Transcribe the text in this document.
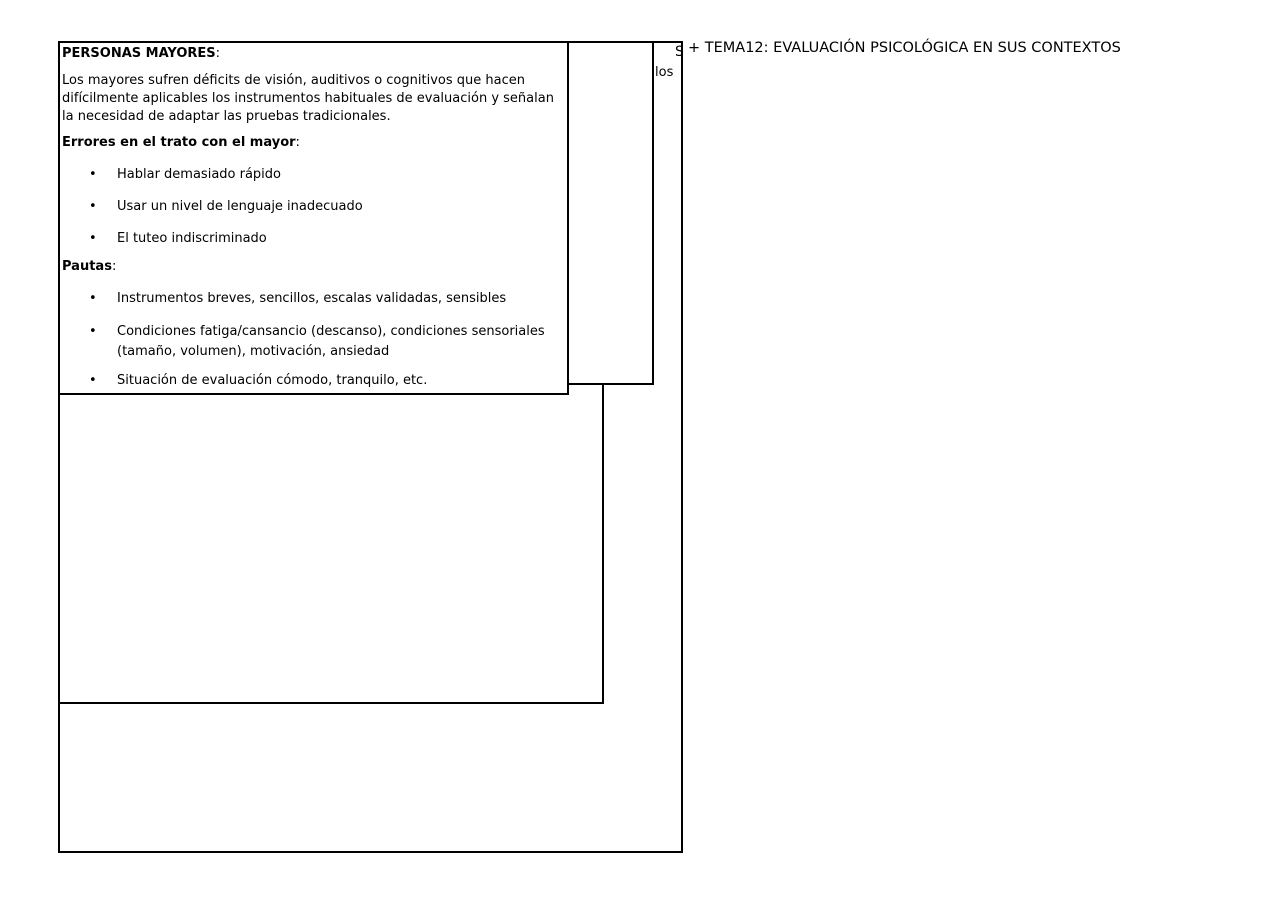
S + TEMA12: EVALUACIÓN PSICOLÓGICA EN SUS CONTEXTOS
los

PERSONAS MAYORES:

Los mayores sufren déficits de visión, auditivos o cognitivos que hacen difícilmente aplicables los instrumentos habituales de evaluación y señalan la necesidad de adaptar las pruebas tradicionales.

Errores en el trato con el mayor:

• Hablar demasiado rápido
• Usar un nivel de lenguaje inadecuado
• El tuteo indiscriminado

Pautas:

• Instrumentos breves, sencillos, escalas validadas, sensibles
• Condiciones fatiga/cansancio (descanso), condiciones sensoriales (tamaño, volumen), motivación, ansiedad
• Situación de evaluación cómodo, tranquilo, etc.
